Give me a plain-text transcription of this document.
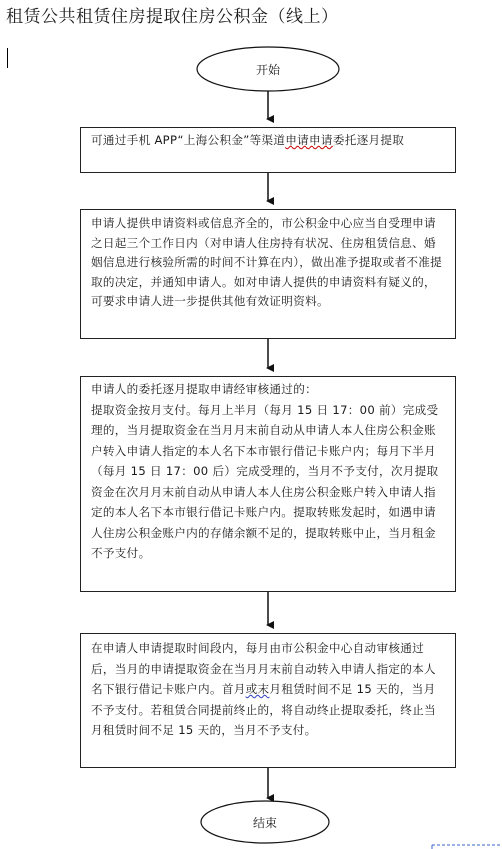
租赁公共租赁住房提取住房公积金（线上）
开始
结束

可通过手机 APP“上海公积金”等渠道申请申请委托逐月提取

申请人提供申请资料或信息齐全的，市公积金中心应当自受理申请之日起三个工作日内（对申请人住房持有状况、住房租赁信息、婚姻信息进行核验所需的时间不计算在内），做出准予提取或者不准提取的决定，并通知申请人。如对申请人提供的申请资料有疑义的，可要求申请人进一步提供其他有效证明资料。

申请人的委托逐月提取申请经审核通过的：

提取资金按月支付。每月上半月（每月 15 日 17：00 前）完成受理的，当月提取资金在当月月末前自动从申请人本人住房公积金账户转入申请人指定的本人名下本市银行借记卡账户内；每月下半月（每月 15 日 17：00 后）完成受理的，当月不予支付，次月提取资金在次月月末前自动从申请人本人住房公积金账户转入申请人指定的本人名下本市银行借记卡账户内。提取转账发起时，如遇申请人住房公积金账户内的存储余额不足的，提取转账中止，当月租金不予支付。

在申请人申请提取时间段内，每月由市公积金中心自动审核通过后，当月的申请提取资金在当月月末前自动转入申请人指定的本人名下银行借记卡账户内。首月或末月租赁时间不足 15 天的，当月不予支付。若租赁合同提前终止的，将自动终止提取委托，终止当月租赁时间不足 15 天的，当月不予支付。
